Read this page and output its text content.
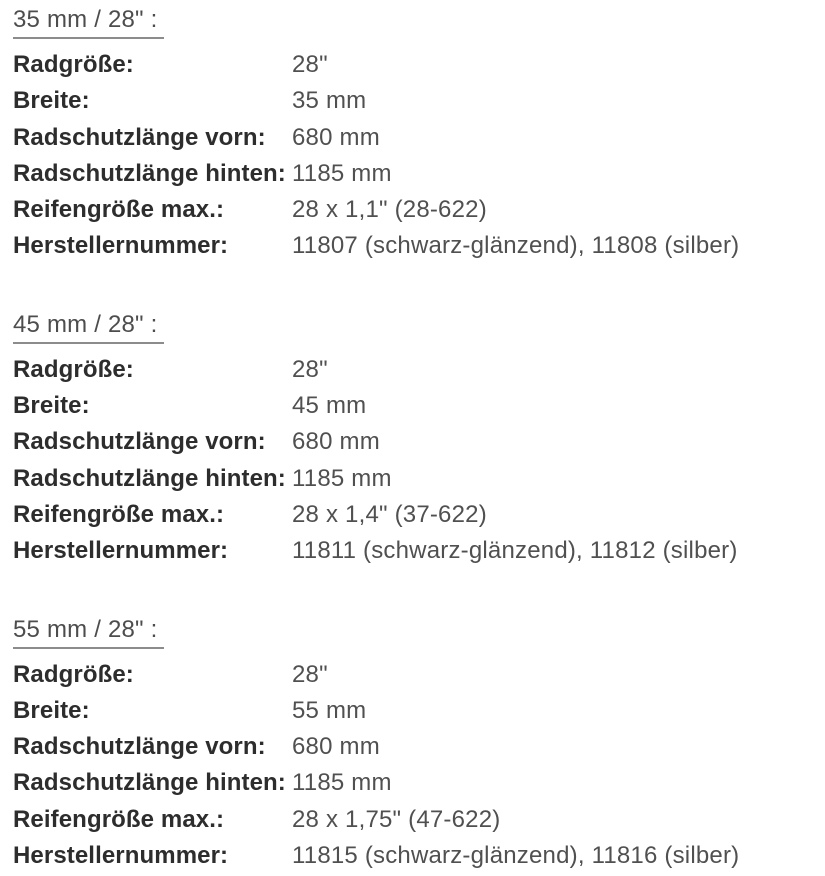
35 mm / 28" :
Radgröße:	28"
Breite:	35 mm
Radschutzlänge vorn:	680 mm
Radschutzlänge hinten: 1185 mm
Reifengröße max.:	28 x 1,1" (28-622)
Herstellernummer:	11807 (schwarz-glänzend), 11808 (silber)
45 mm / 28" :
Radgröße:	28"
Breite:	45 mm
Radschutzlänge vorn:	680 mm
Radschutzlänge hinten: 1185 mm
Reifengröße max.:	28 x 1,4" (37-622)
Herstellernummer:	11811 (schwarz-glänzend), 11812 (silber)
55 mm / 28" :
Radgröße:	28"
Breite:	55 mm
Radschutzlänge vorn:	680 mm
Radschutzlänge hinten: 1185 mm
Reifengröße max.:	28 x 1,75" (47-622)
Herstellernummer:	11815 (schwarz-glänzend), 11816 (silber)
